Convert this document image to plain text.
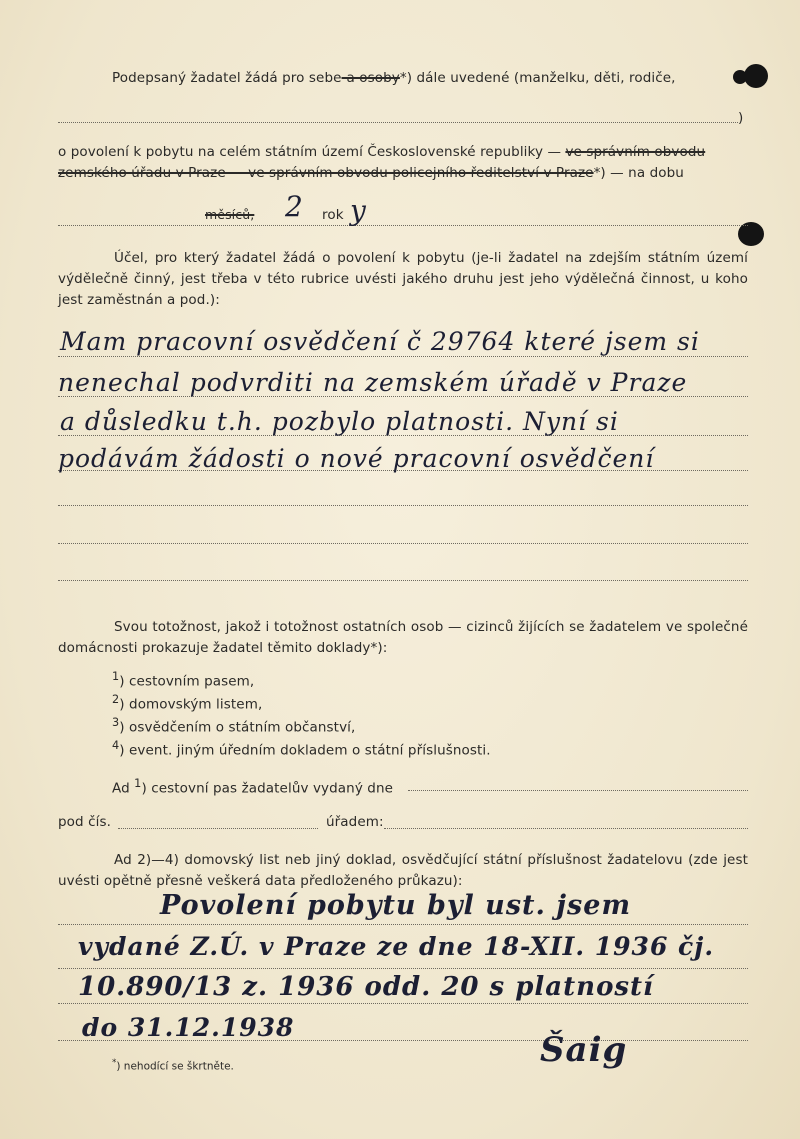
Podepsaný žadatel žádá pro sebe-a osoby*) dále uvedené (manželku, děti, rodiče,
)
o povolení k pobytu na celém státním území Československé republiky — ve správním obvodu
zemského úřadu v Praze — ve správním obvodu policejního ředitelství v Praze*) — na dobu
měsíců, 2 rok y
Účel, pro který žadatel žádá o povolení k pobytu (je-li žadatel na zdejším státním území výdělečně činný, jest třeba v této rubrice uvésti jakého druhu jest jeho výdělečná činnost, u koho jest zaměstnán a pod.):
Mam pracovní osvědčení č 29764 které jsem si
nenechal podvrditi na zemském úřadě v Praze
a důsledku t.h. pozbylo platnosti. Nyní si
podávám žádosti o nové pracovní osvědčení
Svou totožnost, jakož i totožnost ostatních osob — cizinců žijících se žadatelem ve společné domácnosti prokazuje žadatel těmito doklady*):
$^1$) cestovním pasem,
$^2$) domovským listem,
$^3$) osvědčením o státním občanství,
$^4$) event. jiným úředním dokladem o státní příslušnosti.
Ad $^1$) cestovní pas žadatelův vydaný dne
pod čís.	úřadem:
Ad 2)—4) domovský list neb jiný doklad, osvědčující státní příslušnost žadatelovu (zde jest uvésti opětně přesně veškerá data předloženého průkazu):
Povolení pobytu byl ust. jsem
vydané Z.Ú. v Praze ze dne 18-XII. 1936 čj.
10.890/13 z. 1936 odd. 20 s platností
do 31.12.1938
Šaig
*) nehodící se škrtněte.
